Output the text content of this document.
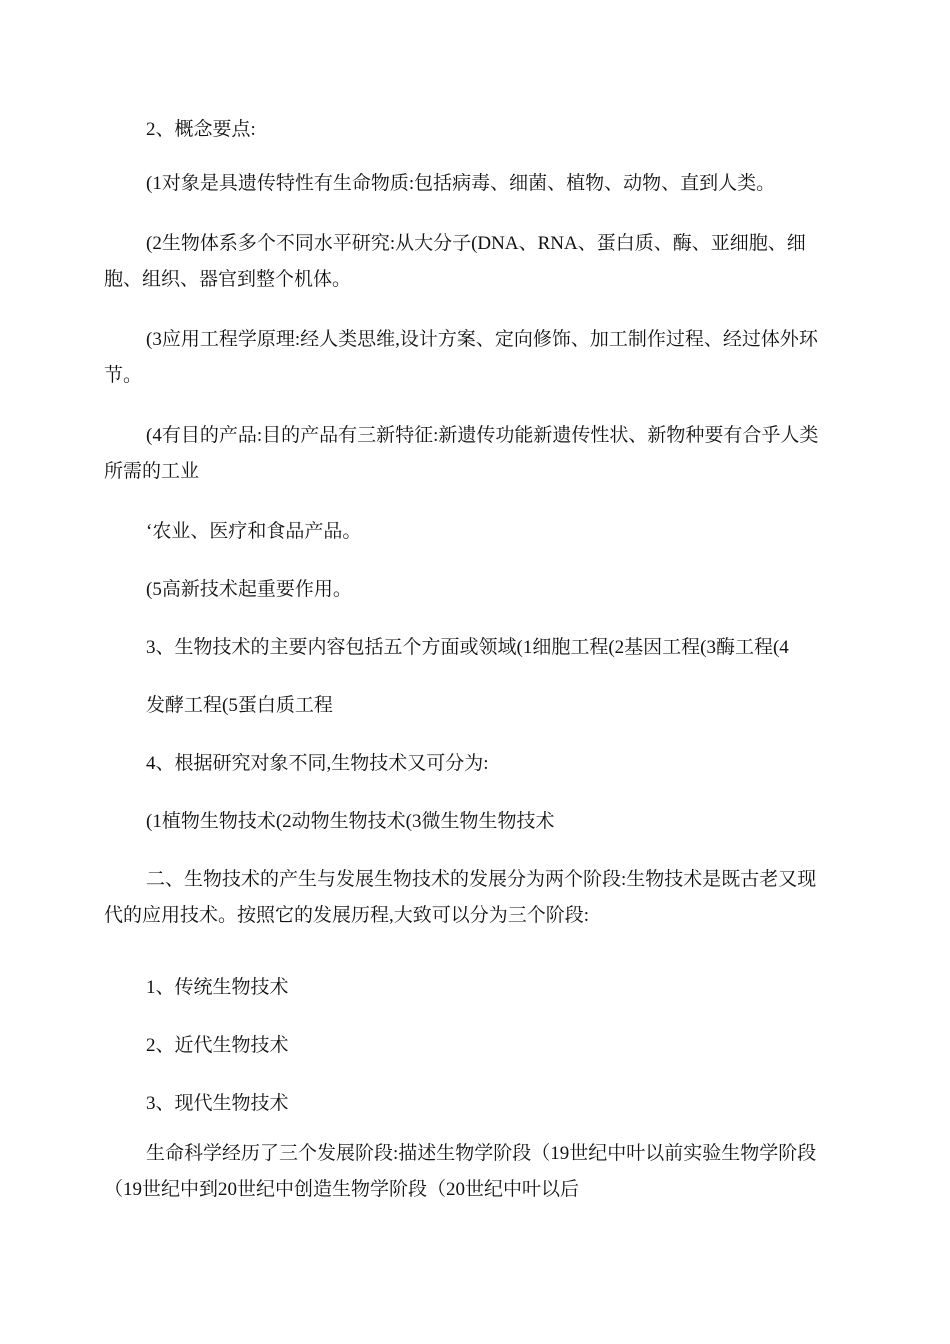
2、概念要点:

(1对象是具遗传特性有生命物质:包括病毒、细菌、植物、动物、直到人类。

(2生物体系多个不同水平研究:从大分子(DNA、RNA、蛋白质、酶、亚细胞、细胞、组织、器官到整个机体。

(3应用工程学原理:经人类思维,设计方案、定向修饰、加工制作过程、经过体外环节。

(4有目的产品:目的产品有三新特征:新遗传功能新遗传性状、新物种要有合乎人类所需的工业

‘农业、医疗和食品产品。

(5高新技术起重要作用。

3、生物技术的主要内容包括五个方面或领域(1细胞工程(2基因工程(3酶工程(4

发酵工程(5蛋白质工程

4、根据研究对象不同,生物技术又可分为:

(1植物生物技术(2动物生物技术(3微生物生物技术

二、生物技术的产生与发展生物技术的发展分为两个阶段:生物技术是既古老又现代的应用技术。按照它的发展历程,大致可以分为三个阶段:

1、传统生物技术

2、近代生物技术

3、现代生物技术

生命科学经历了三个发展阶段:描述生物学阶段（19世纪中叶以前实验生物学阶段（19世纪中到20世纪中创造生物学阶段（20世纪中叶以后
